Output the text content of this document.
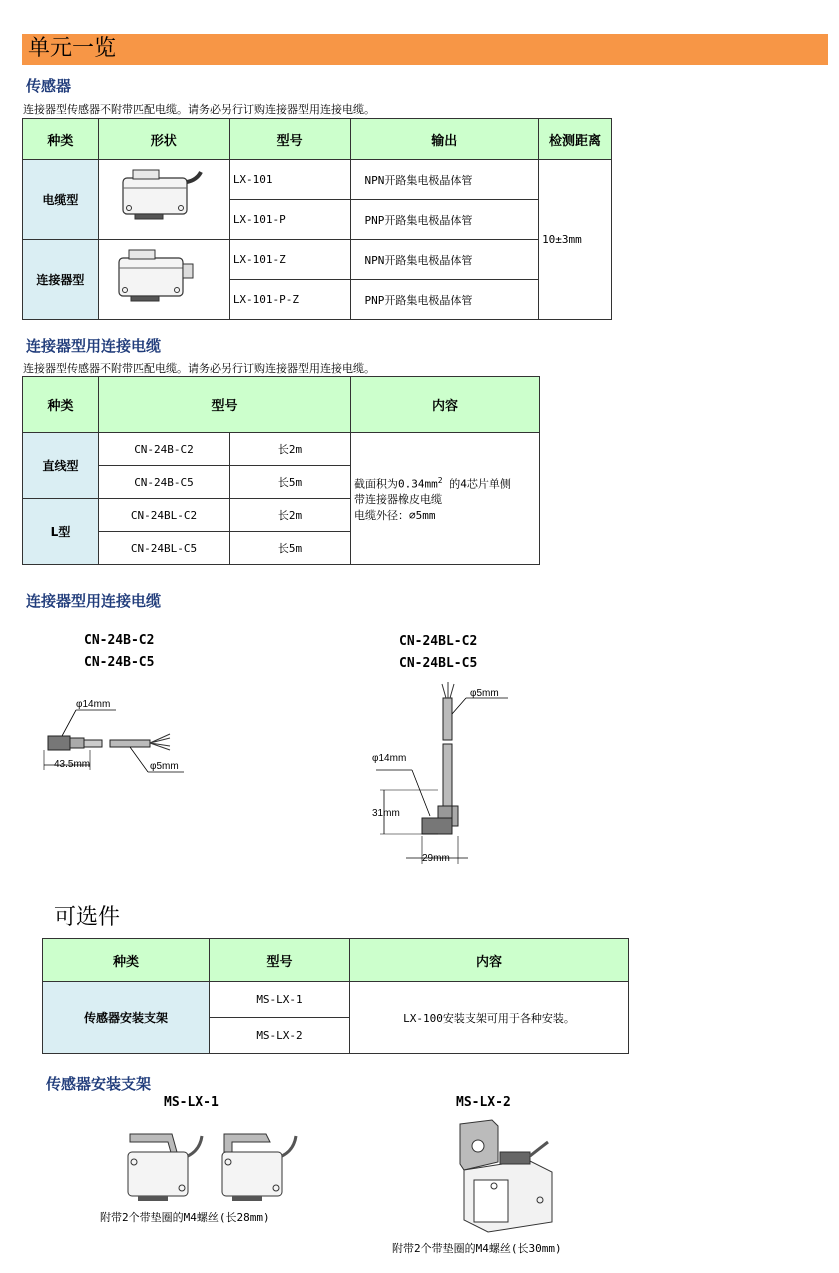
单元一览
传感器
连接器型传感器不附带匹配电缆。请务必另行订购连接器型用连接电缆。
种类	形状	型号	输出	检测距离
电缆型		LX-101	NPN开路集电极晶体管	10±3mm
		LX-101-P	PNP开路集电极晶体管	
连接器型		LX-101-Z	NPN开路集电极晶体管	
		LX-101-P-Z	PNP开路集电极晶体管	
连接器型用连接电缆
连接器型传感器不附带匹配电缆。请务必另行订购连接器型用连接电缆。
种类	型号		内容
直线型	CN-24B-C2	长2m	截面积为$0.34mm^2$ 的4芯片单侧
带连接器橡皮电缆
电缆外径：⌀5mm
	CN-24B-C5	长5m	
L型	CN-24BL-C2	长2m	
	CN-24BL-C5	长5m	
连接器型用连接电缆
CN-24B-C2
CN-24B-C5
φ14mm
43.5mm	φ5mm
CN-24BL-C2
CN-24BL-C5
φ5mm
φ14mm
31mm
29mm
可选件
种类	型号	内容
传感器安装支架	MS-LX-1	LX-100安装支架可用于各种安装。
	MS-LX-2	
传感器安装支架
MS-LX-1	MS-LX-2
附带2个带垫圈的M4螺丝(长28mm)
附带2个带垫圈的M4螺丝(长30mm)
